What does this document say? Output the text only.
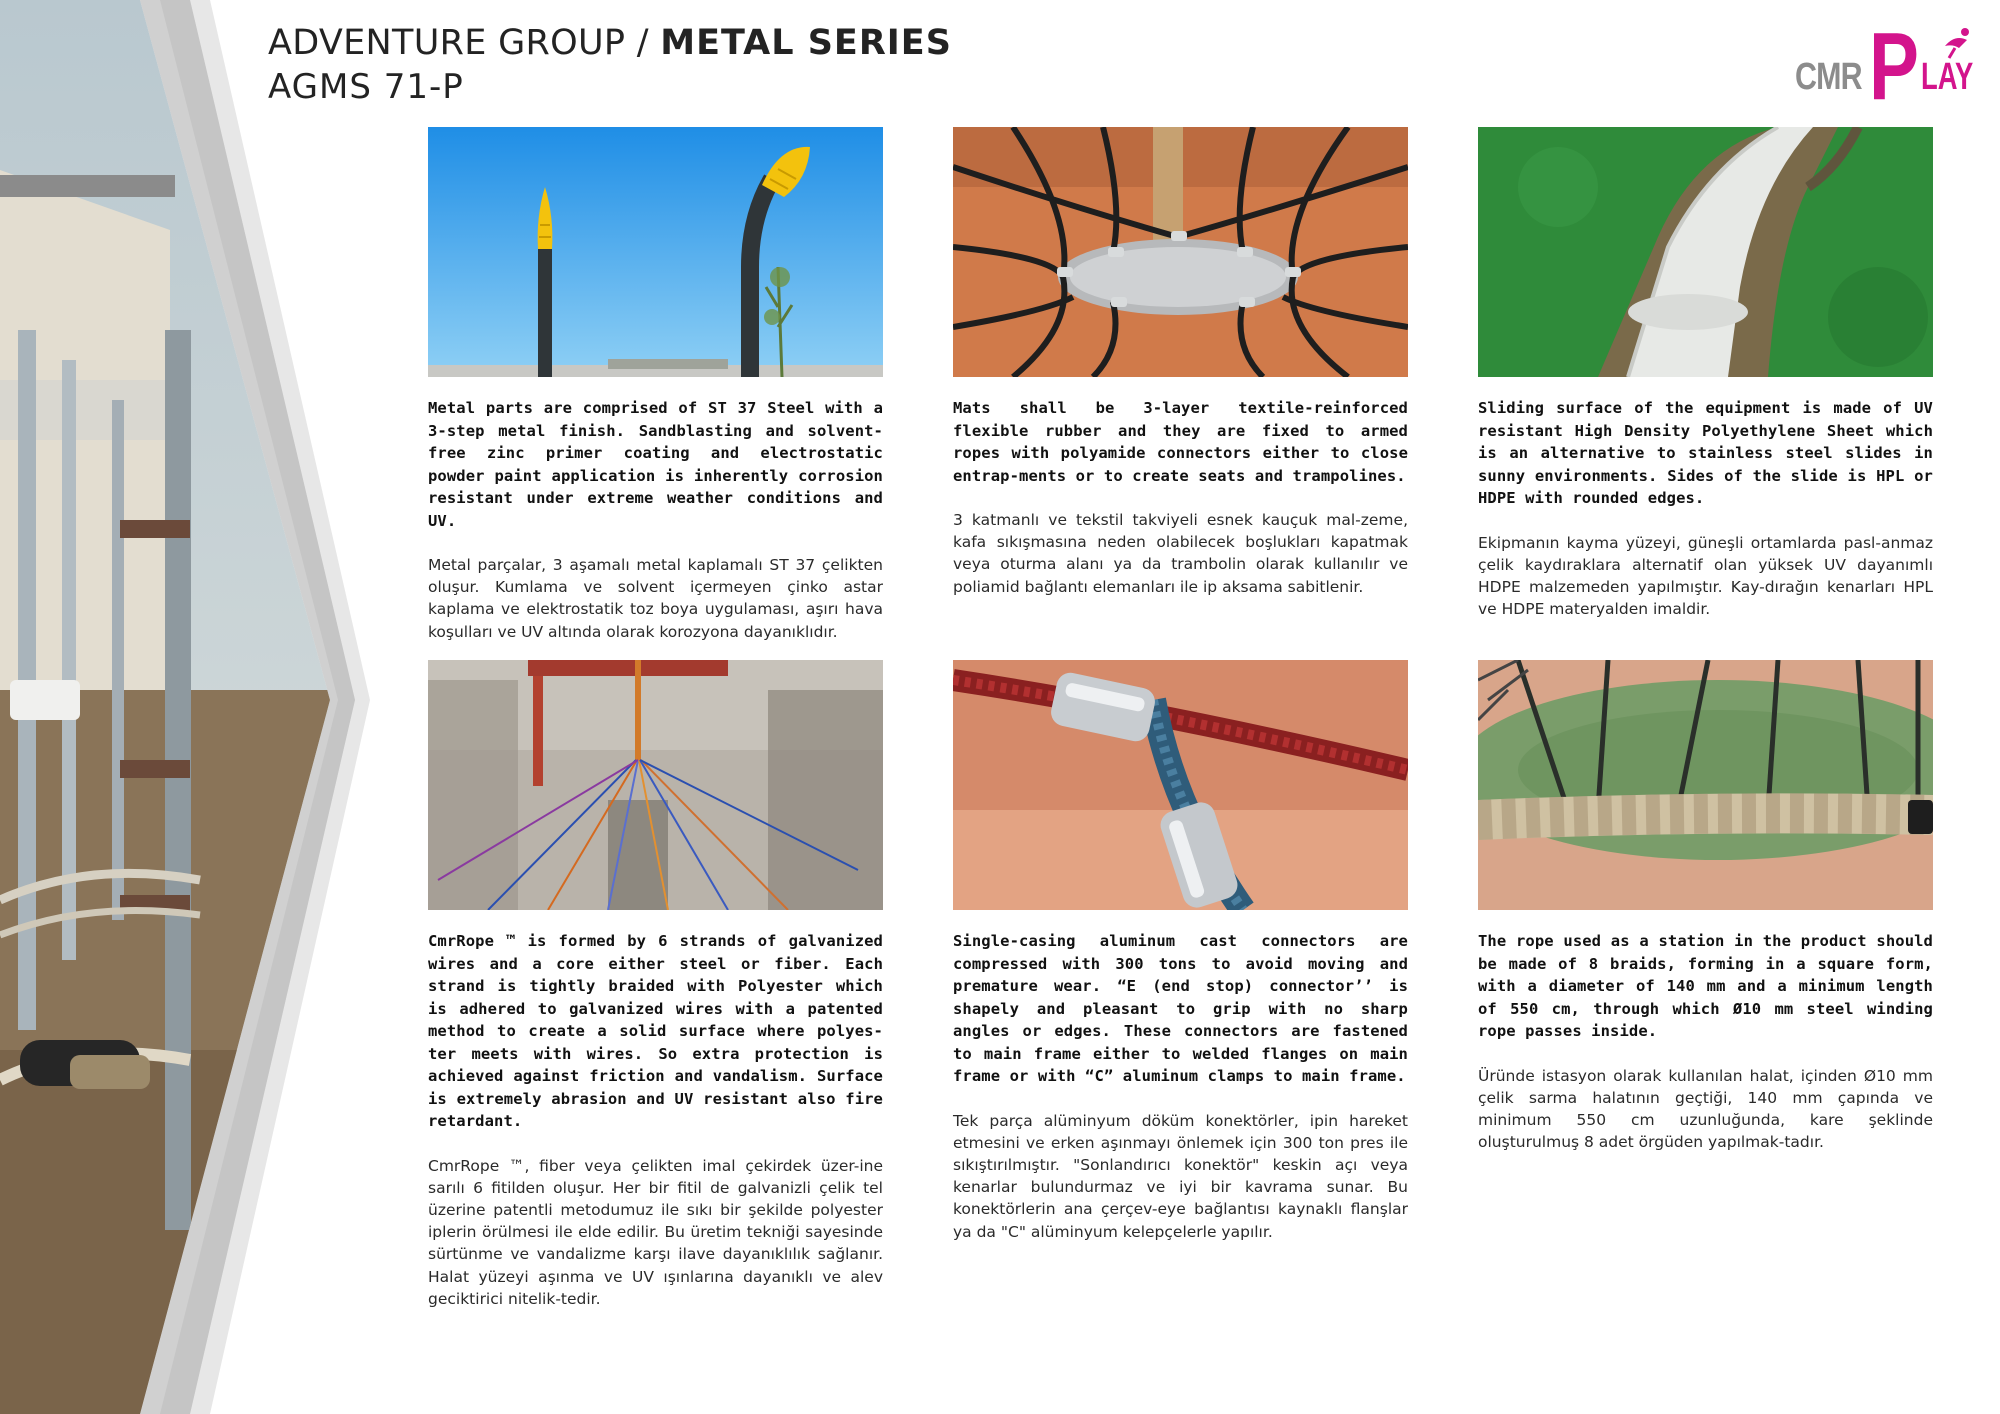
ADVENTURE GROUP / METAL SERIES
AGMS 71-P	CMR P LAY

Metal parts are comprised of ST 37 Steel with a 3-step metal finish. Sandblasting and solvent-free zinc primer coating and electrostatic powder paint application is inherently corrosion resistant under extreme weather conditions and UV.

Metal parçalar, 3 aşamalı metal kaplamalı ST 37 çelikten oluşur. Kumlama ve solvent içermeyen çinko astar kaplama ve elektrostatik toz boya uygulaması, aşırı hava koşulları ve UV altında olarak korozyona dayanıklıdır.

Mats shall be 3-layer textile-reinforced flexible rubber and they are fixed to armed ropes with polyamide connectors either to close entrap-ments or to create seats and trampolines.

3 katmanlı ve tekstil takviyeli esnek kauçuk mal-zeme, kafa sıkışmasına neden olabilecek boşlukları kapatmak veya oturma alanı ya da trambolin olarak kullanılır ve poliamid bağlantı elemanları ile ip aksama sabitlenir.

Sliding surface of the equipment is made of UV resistant High Density Polyethylene Sheet which is an alternative to stainless steel slides in sunny environments. Sides of the slide is HPL or HDPE with rounded edges.

Ekipmanın kayma yüzeyi, güneşli ortamlarda pasl-anmaz çelik kaydıraklara alternatif olan yüksek UV dayanımlı HDPE malzemeden yapılmıştır. Kay-dırağın kenarları HPL ve HDPE materyalden imaldir.

CmrRope ™ is formed by 6 strands of galvanized wires and a core either steel or fiber. Each strand is tightly braided with Polyester which is adhered to galvanized wires with a patented method to create a solid surface where polyes-ter meets with wires. So extra protection is achieved against friction and vandalism. Surface is extremely abrasion and UV resistant also fire retardant.

CmrRope ™, fiber veya çelikten imal çekirdek üzer-ine sarılı 6 fitilden oluşur. Her bir fitil de galvanizli çelik tel üzerine patentli metodumuz ile sıkı bir şekilde polyester iplerin örülmesi ile elde edilir. Bu üretim tekniği sayesinde sürtünme ve vandalizme karşı ilave dayanıklılık sağlanır. Halat yüzeyi aşınma ve UV ışınlarına dayanıklı ve alev geciktirici nitelik-tedir.

Single-casing aluminum cast connectors are compressed with 300 tons to avoid moving and premature wear. “E (end stop) connector’’ is shapely and pleasant to grip with no sharp angles or edges. These connectors are fastened to main frame either to welded flanges on main frame or with “C” aluminum clamps to main frame.

Tek parça alüminyum döküm konektörler, ipin hareket etmesini ve erken aşınmayı önlemek için 300 ton pres ile sıkıştırılmıştır. "Sonlandırıcı konektör" keskin açı veya kenarlar bulundurmaz ve iyi bir kavrama sunar. Bu konektörlerin ana çerçev-eye bağlantısı kaynaklı flanşlar ya da "C" alüminyum kelepçelerle yapılır.

The rope used as a station in the product should be made of 8 braids, forming in a square form, with a diameter of 140 mm and a minimum length of 550 cm, through which Ø10 mm steel winding rope passes inside.

Üründe istasyon olarak kullanılan halat, içinden Ø10 mm çelik sarma halatının geçtiği, 140 mm çapında ve minimum 550 cm uzunluğunda, kare şeklinde oluşturulmuş 8 adet örgüden yapılmak-tadır.
